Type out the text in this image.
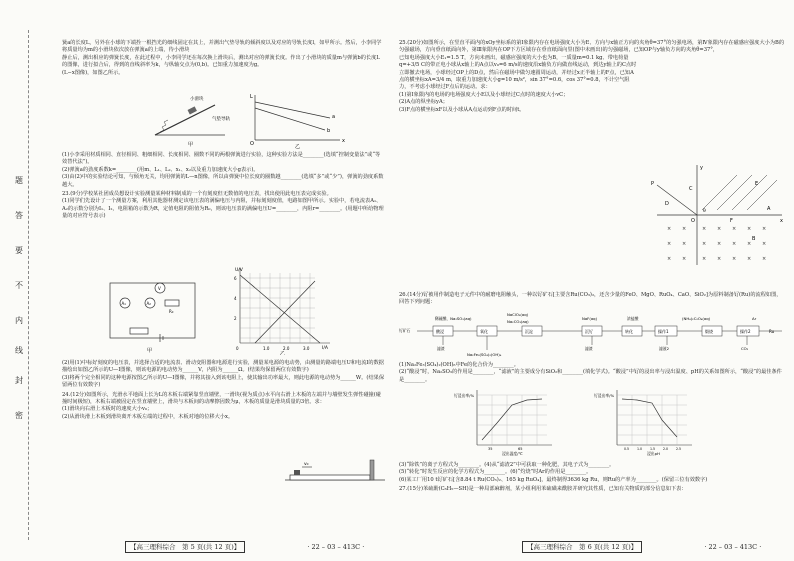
题
答
要
不
内
线
封
密

簧a的长度L，另外在小球的下端拴一根挡光的细线固定在其上，并测出气垫导轨的倾斜度以及对应的导轨长度l，如甲所示。然后，小李同学将质量均为m的小滑块依次放在弹簧a的上端，待小滑块

静止后，测出相应的弹簧长度，在此过程中，小李同学还在每次换上滑块后，测出对应的弹簧长度。作出了小滑块的质量m与弹簧b的长度L的图像，进行拟合后，得到的直线斜率为k，与纵轴交点为(0,b)。已知重力加速度为g。

(L−x图像)，如图乙所示。

小滑块
气垫导轨
甲
L
O	x
a
b
乙

(1)小李采用材质相同、直径相同、粗细相同、长度相同、圈数不同的两根弹簧进行实验，这种实验方法是________(选填“控制变量法”或“等效替代法”)。

(2)弹簧a的劲度系数k=________(用m、L₁、L₂、x₁、x₂以及重力加速度大小g表示)。

(3)由(2)中的实验结论可知，与倾角无关，均用弹簧的L—n图像，所以由弹簧中位长度的圈数越________(选填“多”或“少”)，弹簧的劲度系数越大。

23.(9分)学校某社团成员想设计实验测量某种材料制成的一个有刻度但无数值的电压表，找出使用此电压表完成实验。

(1)同学们先设计了一个测量方案，利用其他器材测定该电压表的满偏电压与内阻，并标刻刻度值，电路如图甲所示。实验中，若电流表A₁、A₂的示数分别为I₁、I₂，电阻箱的示数为R，定值电阻的阻值为R₀，则该电压表的满偏电压U=________，内阻r=________。(用题中所给物理量的对应符号表示)

A₁	A₂
V
R₀
甲
U/V
I/A
0	1.0	2.0	3.0
2
4
6
乙

(2)用(1)中标好刻度的电压表，并选择合适的电流表、滑动变阻器和电源进行实验，测量某电源的电动势，由测量的路端电压U和电流I的数据描绘出如图乙所示的U—I图像，则该电源的电动势为______V，内阻为______Ω。(结果均保留两位有效数字)

(3)将两个完全相同的这种电源按图乙所示的U—I图像，并将其接入到该电阻上，使其输出功率最大，则此电源的电动势为______W。(结果保留两位有效数字)

24.(12分)如图所示，光滑水平地面上长为L的木板右端紧靠竖直墙壁，一滑块(视为质点)水平向右滑上木板的左端并与墙壁发生弹性碰撞(碰撞时间极短)，木板右端被固定在竖直墙壁上，滑块与木板间的动摩擦因数为μ，木板的质量是滑块质量的3倍。求：

(1)滑块向右滑上木板时的速度大小v₀；

(2)从滑块滑上木板到滑块离开木板左端的过程中，木板对地的位移大小x。

v₀
【高三理科综合　第 5 页(共 12 页)】	· 22 – 03 – 413C ·

25.(20分)如图所示，在竖直平面内的xOy坐标系的第Ⅰ象限内存在电场强度大小为E、方向与x轴正方向的夹角θ=37°的匀强电场，第Ⅳ象限内存在磁感应强度大小为B的匀强磁场，方向垂直纸面向外，第Ⅲ象限内在OP下方区域存在垂直纸面向里(图中未画出)的匀强磁场，已知OP与y轴负方向的夹角θ=37°，

已知电场强度大小E₁=1.5 T，方向未画出，磁感应强度的大小也为B，一质量m=0.1 kg、带电荷量q=+3/5 C的带正电小球从x轴上的A点以v₀=6 m/s的速度沿x轴负方向做直线运动，到达y轴上的C点时立即撤去电场，小球经过OP上的D点，然后在磁场中做匀速圆周运动，并经过x正半轴上的F点，已知A点的横坐标xA=3/4 m，取重力加速度大小g=10 m/s²，sin 37°=0.6，cos 37°=0.8，不计空气阻力，不考虑小球经过F点后的运动。求：

(1)第Ⅰ象限内的电场的电场强度大小E以及小球经过C点时的速度大小vC；

(2)A点的纵坐标yA；

(3)F点的横坐标xF以及小球从A点运动到F点的时间t。

x
y
O
E
C
P
D
F
A
θ
B
× ×	× × × × ×
× ×	× × × × ×
× ×	× × × × ×

26.(14分)钌被用作制造电子元件中的耐磨电阻触头，一种以钌矿石[主要含Ru(CO₃)₂，还含少量的FeO、MgO、RuO₄、CaO、SiO₂]为原料制备钌(Ru)的流程如图，回答下列问题：

稀硫酸、Na₂SO₃(aq)
NaClO₃(aq)
Na₂CO₃(aq)
NaF(aq)	浓盐酸	(NH₄)₂C₂O₄(aq)	Ar
钌矿石	酸浸	氧化	沉淀	沉钌	转化	操作1	煅烧	操作2	Ru
滤渣
Na₂Fe₃(SO₄)₂(OH)₆
滤渣	滤液2	CO₂

(1)Na₂Fe₃(SO₄)₂(OH)₆中Fe的化合价为________。

(2)“酸浸”时，Na₂SO₃的作用是________，“滤液”的主要成分有SiO₂和________(填化学式)。“酸浸”中钌的浸出率与浸出温度、pH的关系如图所示，“酸浸”的最佳条件是________。

钌浸出率/%
浸出温度/℃
35	65
钌浸出率/%
浸出pH
0.5 1.0 1.5 2.0 2.5

(3)“除铁”的离子方程式为________。(4)从“滤渣2”中可获取一种化肥，其电子式为________。

(5)“转化”时发生反应的化学方程式为________。(6)“灼烧”时Ar的作用是________。

(6)某工厂用10 t钌矿石[含8.84 t Ru(CO₃)₂、165 kg RuO₄]，最终制得3636 kg Ru，则Ru的产率为________。(保留三位有效数字)

27.(15分)苯硫酚(C₆H₅—SH)是一种局部麻醉剂，某小组利用苯硫磺来酰胺并研究其性质，已知有关物质的部分信息如下表：

【高三理科综合　第 6 页(共 12 页)】	· 22 – 03 – 413C ·
